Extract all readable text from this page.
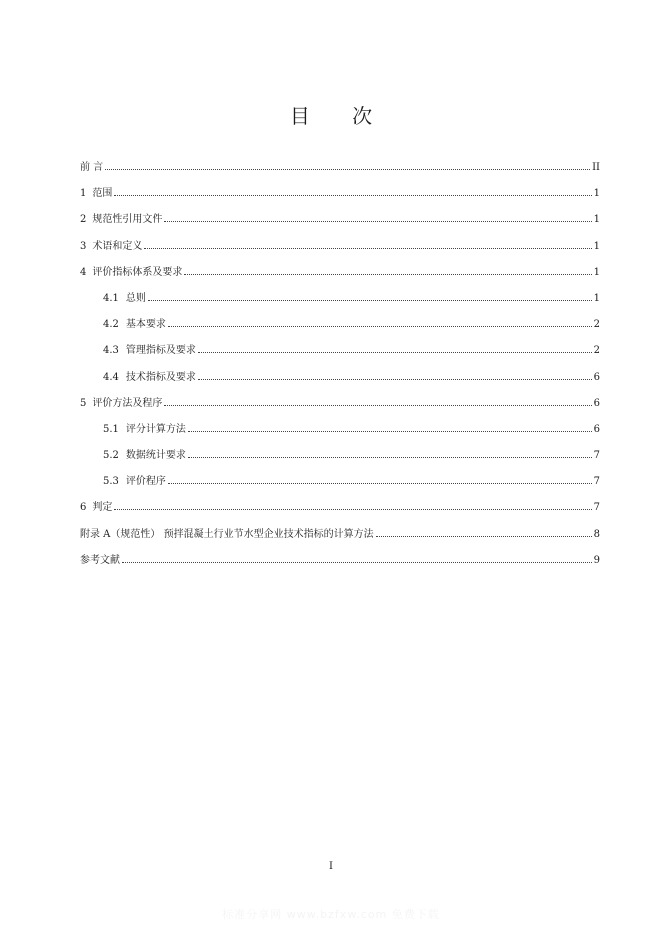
目 次
前 言	II
1 范围	1
2 规范性引用文件	1
3 术语和定义	1
4 评价指标体系及要求	1
4.1 总则	1
4.2 基本要求	2
4.3 管理指标及要求	2
4.4 技术指标及要求	6
5 评价方法及程序	6
5.1 评分计算方法	6
5.2 数据统计要求	7
5.3 评价程序	7
6 判定	7
附录 A（规范性） 预拌混凝土行业节水型企业技术指标的计算方法	8
参考文献	9
I
标准分享网 www.bzfxw.com 免费下载
